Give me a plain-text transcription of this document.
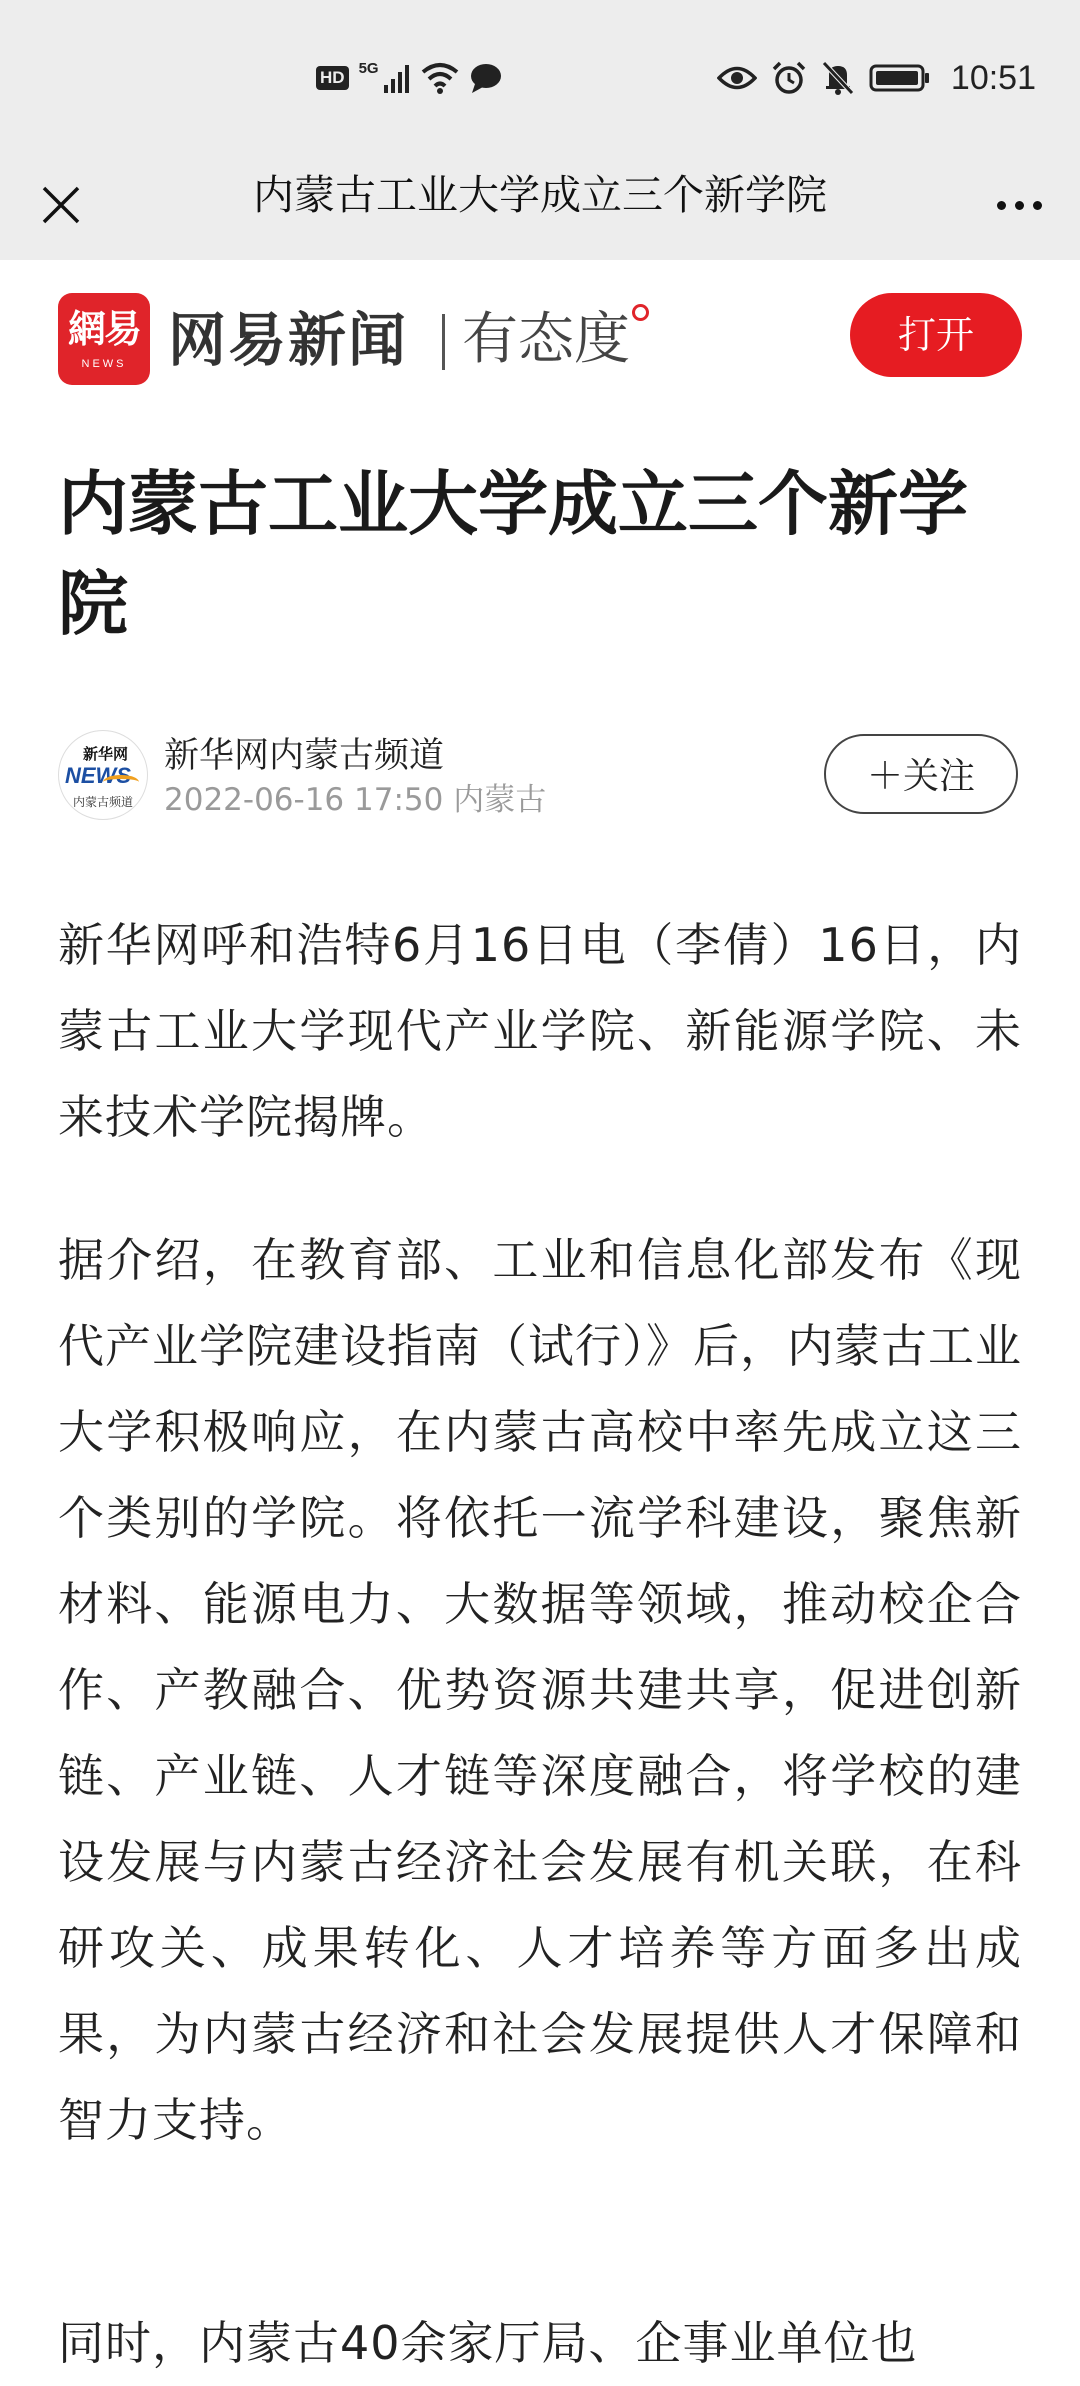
HD 5G	10:51
内蒙古工业大学成立三个新学院
網易
NEWS 网易新闻 有态度	打开
内蒙古工业大学成立三个新学院
新华网
NEWS
内蒙古频道
新华网内蒙古频道
2022-06-16 17:50 内蒙古
＋关注
新华网呼和浩特6月16日电（李倩）16日，内蒙古工业大学现代产业学院、新能源学院、未来技术学院揭牌。
据介绍，在教育部、工业和信息化部发布《现代产业学院建设指南（试行）》后，内蒙古工业大学积极响应，在内蒙古高校中率先成立这三个类别的学院。将依托一流学科建设，聚焦新材料、能源电力、大数据等领域，推动校企合作、产教融合、优势资源共建共享，促进创新链、产业链、人才链等深度融合，将学校的建设发展与内蒙古经济社会发展有机关联，在科研攻关、成果转化、人才培养等方面多出成果，为内蒙古经济和社会发展提供人才保障和智力支持。
同时，内蒙古40余家厅局、企事业单位也
